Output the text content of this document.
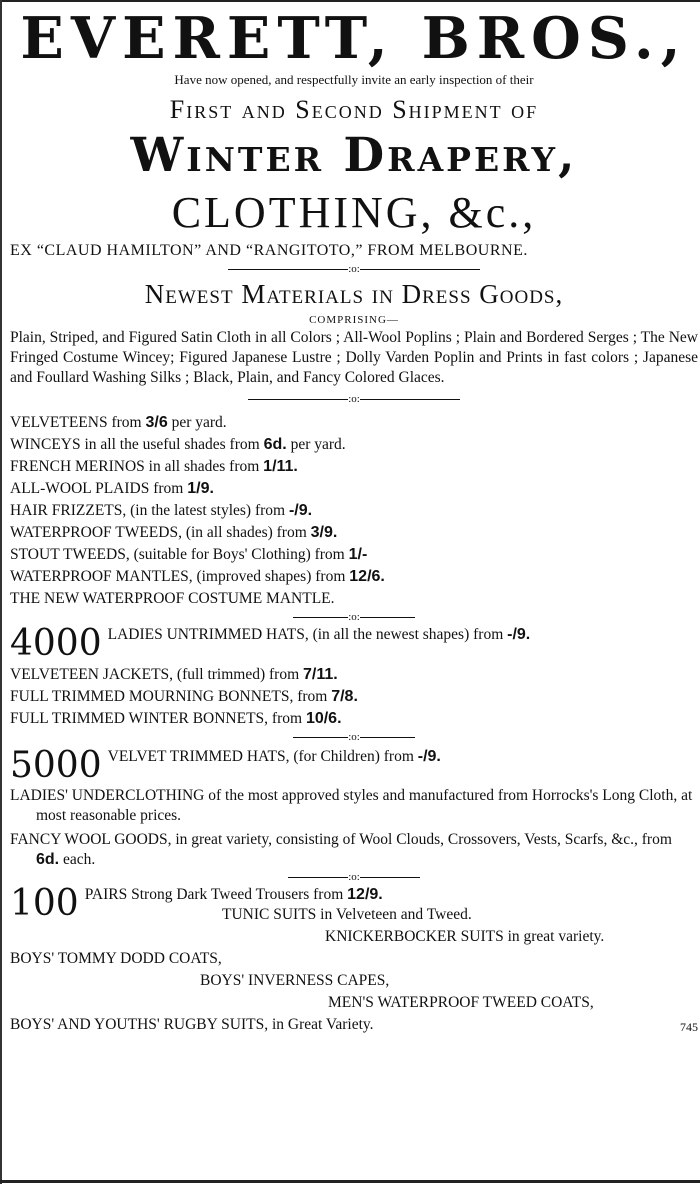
EVERETT, BROS.,
Have now opened, and respectfully invite an early inspection of their
First and Second Shipment of
Winter Drapery,
CLOTHING, &c.,
EX “CLAUD HAMILTON” AND “RANGITOTO,” FROM MELBOURNE.
:o:
Newest Materials in Dress Goods,
COMPRISING—
Plain, Striped, and Figured Satin Cloth in all Colors ; All-Wool Poplins ; Plain and Bordered Serges ; The New Fringed Costume Wincey; Figured Japanese Lustre ; Dolly Varden Poplin and Prints in fast colors ; Japanese and Foullard Washing Silks ; Black, Plain, and Fancy Colored Glaces.
:o:
VELVETEENS from 3/6 per yard.
WINCEYS in all the useful shades from 6d. per yard.
FRENCH MERINOS in all shades from 1/11.
ALL-WOOL PLAIDS from 1/9.
HAIR FRIZZETS, (in the latest styles) from -/9.
WATERPROOF TWEEDS, (in all shades) from 3/9.
STOUT TWEEDS, (suitable for Boys' Clothing) from 1/-
WATERPROOF MANTLES, (improved shapes) from 12/6.
THE NEW WATERPROOF COSTUME MANTLE.
:o:
4000 LADIES UNTRIMMED HATS, (in all the newest shapes) from -/9.
VELVETEEN JACKETS, (full trimmed) from 7/11.
FULL TRIMMED MOURNING BONNETS, from 7/8.
FULL TRIMMED WINTER BONNETS, from 10/6.
:o:
5000 VELVET TRIMMED HATS, (for Children) from -/9.
LADIES' UNDERCLOTHING of the most approved styles and manufactured from Horrocks's Long Cloth, at most reasonable prices.
FANCY WOOL GOODS, in great variety, consisting of Wool Clouds, Crossovers, Vests, Scarfs, &c., from 6d. each.
:o:
100 PAIRS Strong Dark Tweed Trousers from 12/9.
TUNIC SUITS in Velveteen and Tweed.
KNICKERBOCKER SUITS in great variety.
BOYS' TOMMY DODD COATS,
BOYS' INVERNESS CAPES,
MEN'S WATERPROOF TWEED COATS,
BOYS' AND YOUTHS' RUGBY SUITS, in Great Variety.	745
